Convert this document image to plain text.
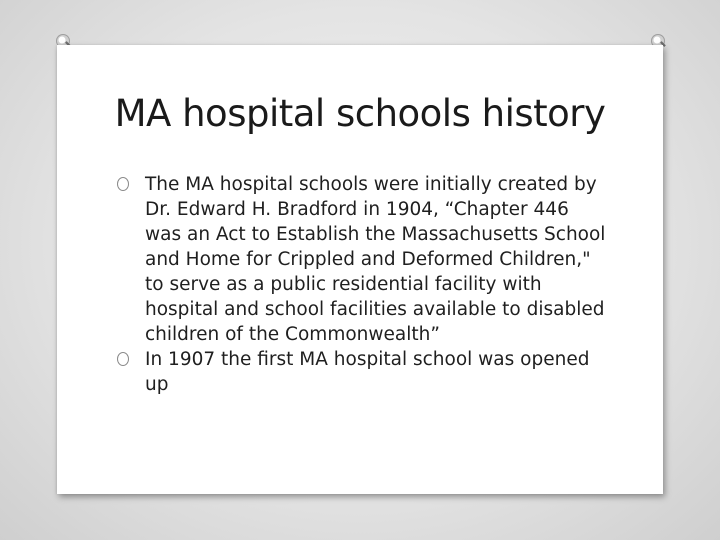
MA hospital schools history
The MA hospital schools were initially created by Dr. Edward H. Bradford in 1904, “Chapter 446 was an Act to Establish the Massachusetts School and Home for Crippled and Deformed Children," to serve as a public residential facility with hospital and school facilities available to disabled children of the Commonwealth”
In 1907 the first MA hospital school was opened up
